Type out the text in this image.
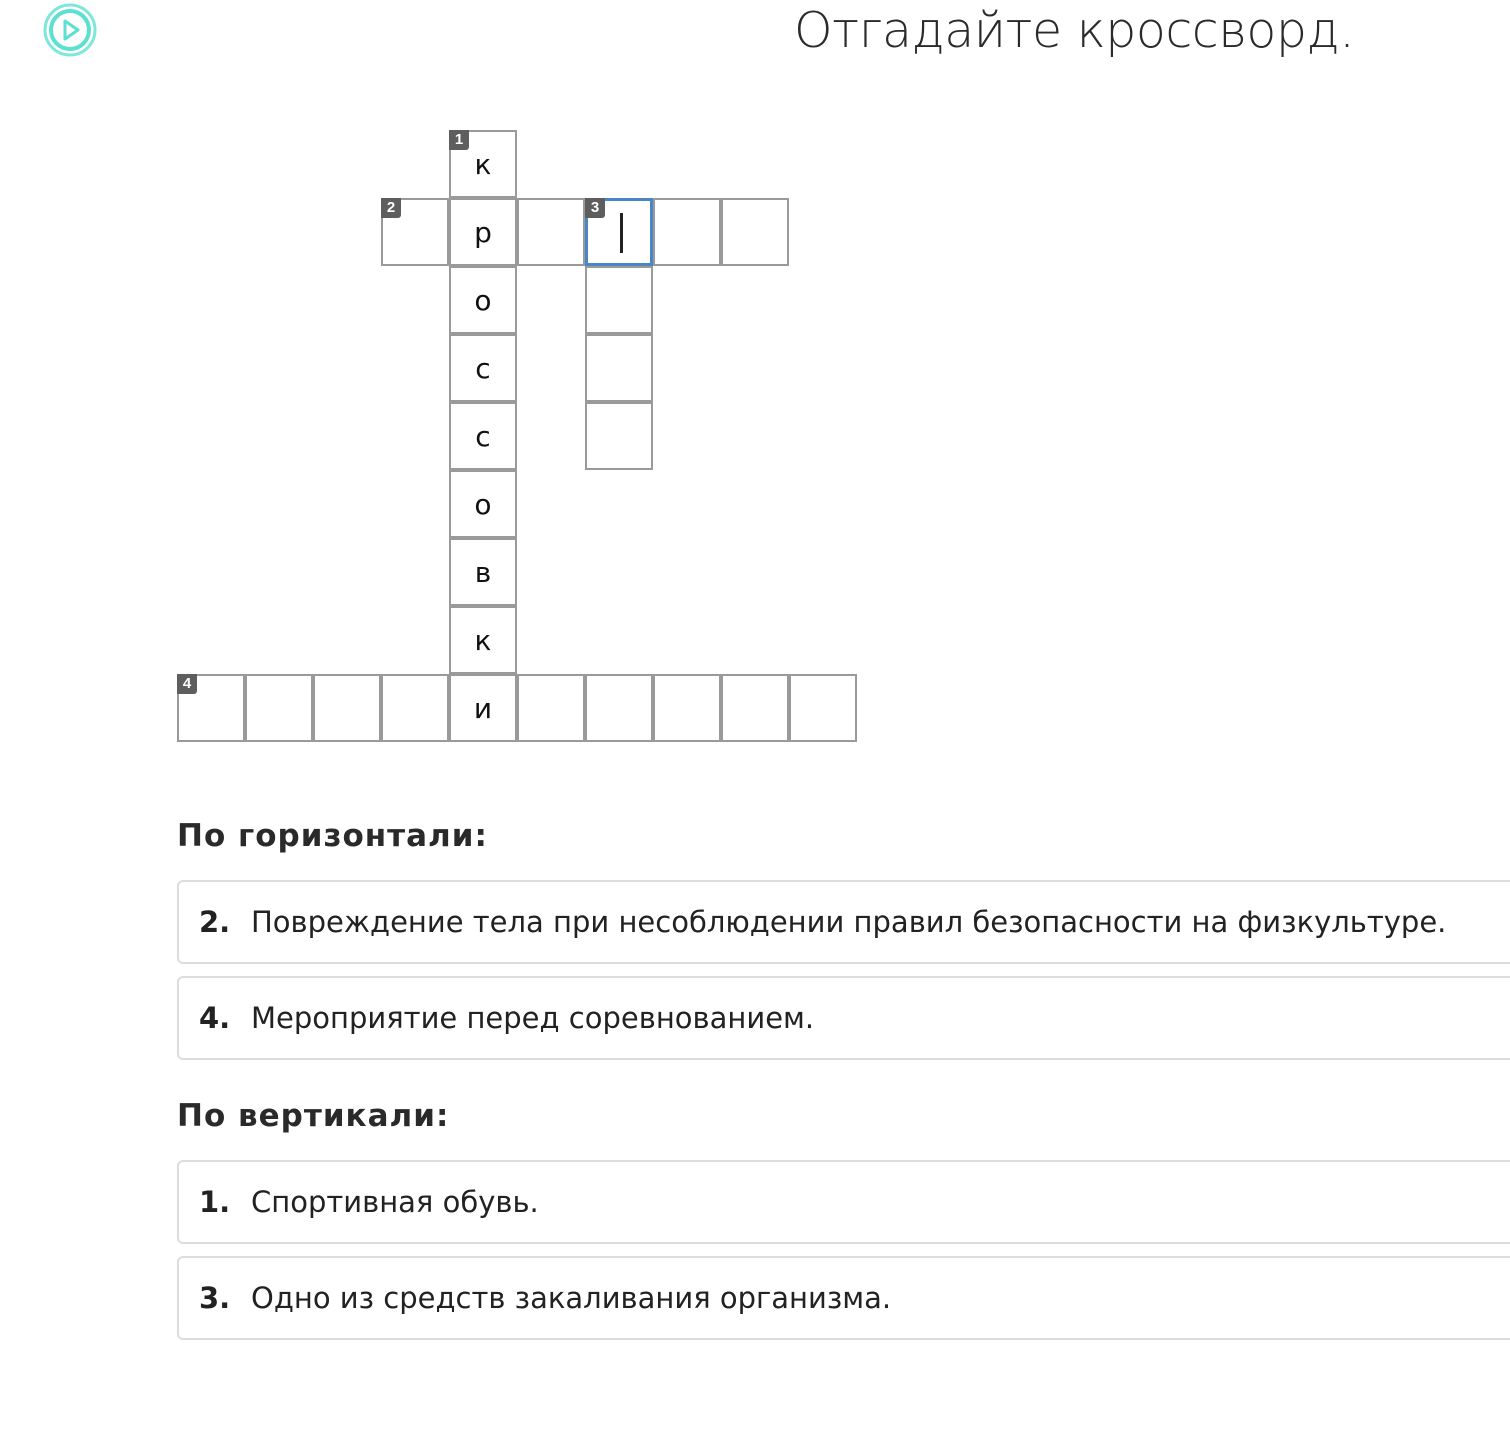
Отгадайте кроссворд.
1
к
р
о
с
с
о
в
к
и
2	3
4
По горизонтали:
2. Повреждение тела при несоблюдении правил безопасности на физкультуре.
4. Мероприятие перед соревнованием.
По вертикали:
1. Спортивная обувь.
3. Одно из средств закаливания организма.
